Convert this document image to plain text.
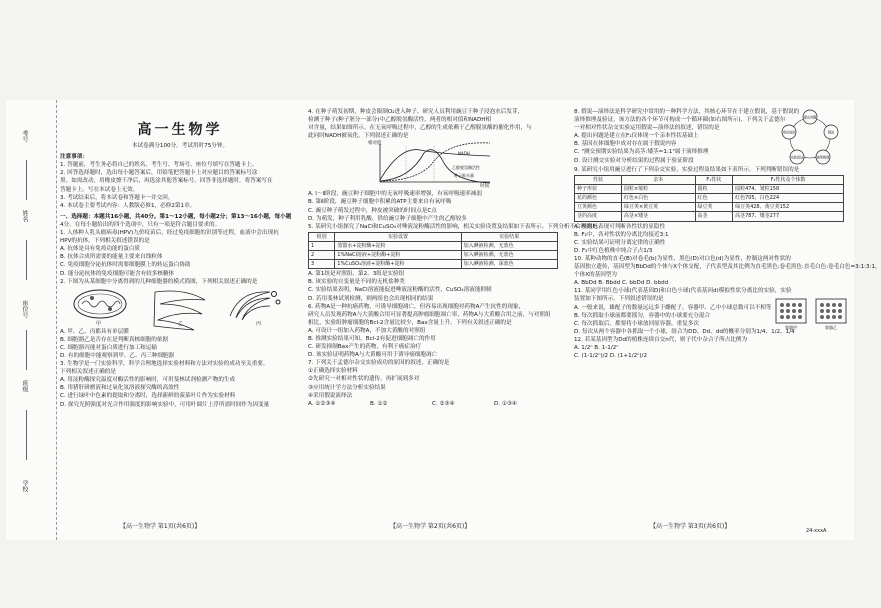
考号
姓名
座位号
班级
学校

高一生物学

本试卷满分100分，考试用时75分钟。

注意事项：

1. 答题前，考生务必将自己的姓名、考生号、考场号、座位号填写在答题卡上。

2. 回答选择题时，选出每小题答案后，用铅笔把答题卡上对应题目的答案标号涂

黑。如需改动，用橡皮擦干净后，再选涂其他答案标号。回答非选择题时，将答案写在

答题卡上。写在本试卷上无效。

3. 考试结束后，将本试卷和答题卡一并交回。

4. 本试卷主要考试内容：人教版必修1，必修2第1章。

一、选择题：本题共16小题，共40分。第1～12小题，每小题2分；第13～16小题，每小题

4分。在每小题给出的四个选项中，只有一项是符合题目要求的。

1. 人体种人乳头瘤病毒(HPV)九价疫苗后，经过免疫细胞的识别等过程，血液中会出现抗

HPV的抗体。下列相关叙述错误的是

A. 抗体是具有免疫功能的蛋白质

B. 抗体合成所需要的能量主要来自线粒体

C. 免疫细胞分泌抗体时需要细胞膜上的转运蛋白协助

D. 能分泌抗体的免疫细胞可能含有较多核糖体

2. 下图为从某细胞中分离得到的几种细胞器的模式简图，下列相关叙述正确的是

甲	乙	丙

A. 甲、乙、丙都具有单层膜

B. 细胞器乙是否存在是判断真核细胞的依据

C. 细胞器丙能对蛋白质进行加工和运输

D. 有的细胞中能观察到甲、乙、丙三种细胞器

3. 生物学是一门实验科学，科学合理地选择实验材料和方法对实验的成功至关重要。

下列相关叙述正确的是

A. 用淀粉酶探究温度对酶活性的影响时，可用斐林试剂检测产物的生成

B. 用猪肝研磨液和过氧化氢溶液探究酶的高效性

C. 进行绿叶中色素的提取和分离时，选择新鲜的菠菜叶片作为实验材料

D. 探究光照强度对光合作用强度的影响实验中，可用叶圆片上浮所需时间作为因变量

【高一生物学 第1页(共6页)】

4. 在种子萌发初期，种皮会限制O₂进入种子。研究人员利用豌豆干种子浸泡水后发芽，

检测于种子(种子胚分一部分)中乙醇脱氢酶活性，两者的相对值和NADH相

对含量，结果如图所示。在无氧呼吸过程中，乙醇的生成依赖于乙醇脱氢酶的催化作用，与

此同时NADH被氧化。下列叙述正确的是

相对值
时间
NADH
乙醇脱氢酶活性
种子吸水量

A. Ⅰ～Ⅱ阶段，豌豆种子细胞中的无氧呼吸速率增强，有氧呼吸速率减弱

B. 第Ⅱ阶段，豌豆种子细胞中积累的ATP主要来自有氧呼吸

C. 豌豆种子萌发过程中，种皮被突破的时间点是C点

D. 为萌发，种子利用乳酸、供给豌豆种子细胞中产生的乙醇较多

5. 某研究小组探究了NaCl和CuSO₄对唾液淀粉酶活性的影响，相关实验设置及结果如下表所示。下列分析不合理的是

组别	实验设置	实验结果
1	蒸馏水+淀粉酶+淀粉	加入碘液检测，无蓝色
2	1%NaCl溶液+淀粉酶+淀粉	加入碘液检测，无蓝色
3	1%CuSO₄溶液+淀粉酶+淀粉	加入碘液检测，深蓝色

A. 第1组是对照组，第2、3组是实验组

B. 该实验的自变量是不同的无机盐种类

C. 实验结果表明，NaCl溶液能促进唾液淀粉酶的活性，CuSO₄溶液能抑制

D. 若用斐林试剂检测，则两组也会出现相同的结果

6. 药物A是一种抗癌药物，可诱导细胞凋亡，但容易出现细胞对药物A产生抗性的现象，

研究人员发现药物A与大黄酸合用可显著提高肿瘤细胞凋亡率，药物A与大黄酸合用之前，与对照组

相比，实验组肿瘤细胞的Bcl-2含量比较少，Bax含量上升。下列有关叙述正确的是

A. 可设计一组加入药物A，不加大黄酸的对照组

B. 推测实验结果可知，Bcl-2有促进细胞凋亡的作用

C. 研发抑制Bax产生的药物，有利于癌症治疗

D. 该实验证明药物A与大黄酸可用于诱导癌细胞凋亡

7. 下列关于孟德尔杂交实验成功的原因的叙述，正确的是

①正确选择实验材料

②先研究一对相对性状的遗传，再扩展到多对

③应用统计学方法分析实验结果

④采用假说演绎法

A. ①②③④	B. ①②	C. ②③④	D. ①③④

【高一生物学 第2页(共6页)】

8. 假说—演绎法是科学研究中常用的一种科学方法，其核心环节在于建立假说，基于假说的

演绎推理及验证，该方法的各个环节可构成一个循环圈(如右图所示)，下列关于孟德尔

一对相对性状杂交实验运用假说—演绎法的叙述，错误的是

A. 提出问题是建立在F₁仅体现一个亲本性状基础上

B. 基因在体细胞中成对存在属于假说内容

C. "测交预期实验结果为高茎:矮茎≈1:1"属于演绎推理

D. 设计测交实验对分析结果的过程属于验证阶段

提出问题
假说
演绎推理
实验验证
得出结论

9. 某研究小组用豌豆进行了下列杂交实验，实验过程及结果如下表所示。下列判断错误的是

性状	亲本	F₁性状	F₂性状及个体数
种子形状	圆粒×皱粒	圆粒	圆粒474、皱粒158
花的颜色	红色×白色	红色	红色705、白色224
豆荚颜色	绿豆荚×黄豆荚	绿豆荚	绿豆荚428、黄豆荚152
茎的高度	高茎×矮茎	高茎	高茎787、矮茎277

A. 根据F₁表现可判断各性状的显隐性

B. F₂中，各对性状的分离比均接近3:1

C. 实验结果可证明分离定律的正确性

D. F₂中红色植株中纯合子占1/3

10. 某种动物的直毛(B)对卷毛(b)为显性，黑色(D)对白色(d)为显性，控制这两对性状的

基因独立遗传，基因型为BbDd的个体与X个体交配，子代表型及其比例为直毛黑色:卷毛黑色:直毛白色:卷毛白色=3:1:3:1。

个体X的基因型为

A. BbDd B. Bbdd C. bbDd D. bbdd

11. 某同学用红色小球(代表基因D)和白色小球(代表基因d)模拟性状分离比的实验，实验

装置如下图所示。下列叙述错误的是

A. 一般来说，雄配子的数量远远多于雌配子，容器甲、乙中小球总数可以不相等

B. 每次抓取小球前都要摇匀，容器中的小球要充分混合

C. 每次抓取后，都要将小球放回原容器，重复多次

D. 每次从两个容器中各抓取一个小球，组合为DD、Dd、dd的概率分别为1/4、1/2、1/4

容器甲	容器乙

12. 若某基因型为Dd的植株连续自交n代，则子代中杂合子所占比例为

A. 1/2ⁿ B. 1-1/2ⁿ

C. (1-1/2ⁿ)/2 D. (1+1/2ⁿ)/2

【高一生物学 第3页(共6页)】
24-xxxA
